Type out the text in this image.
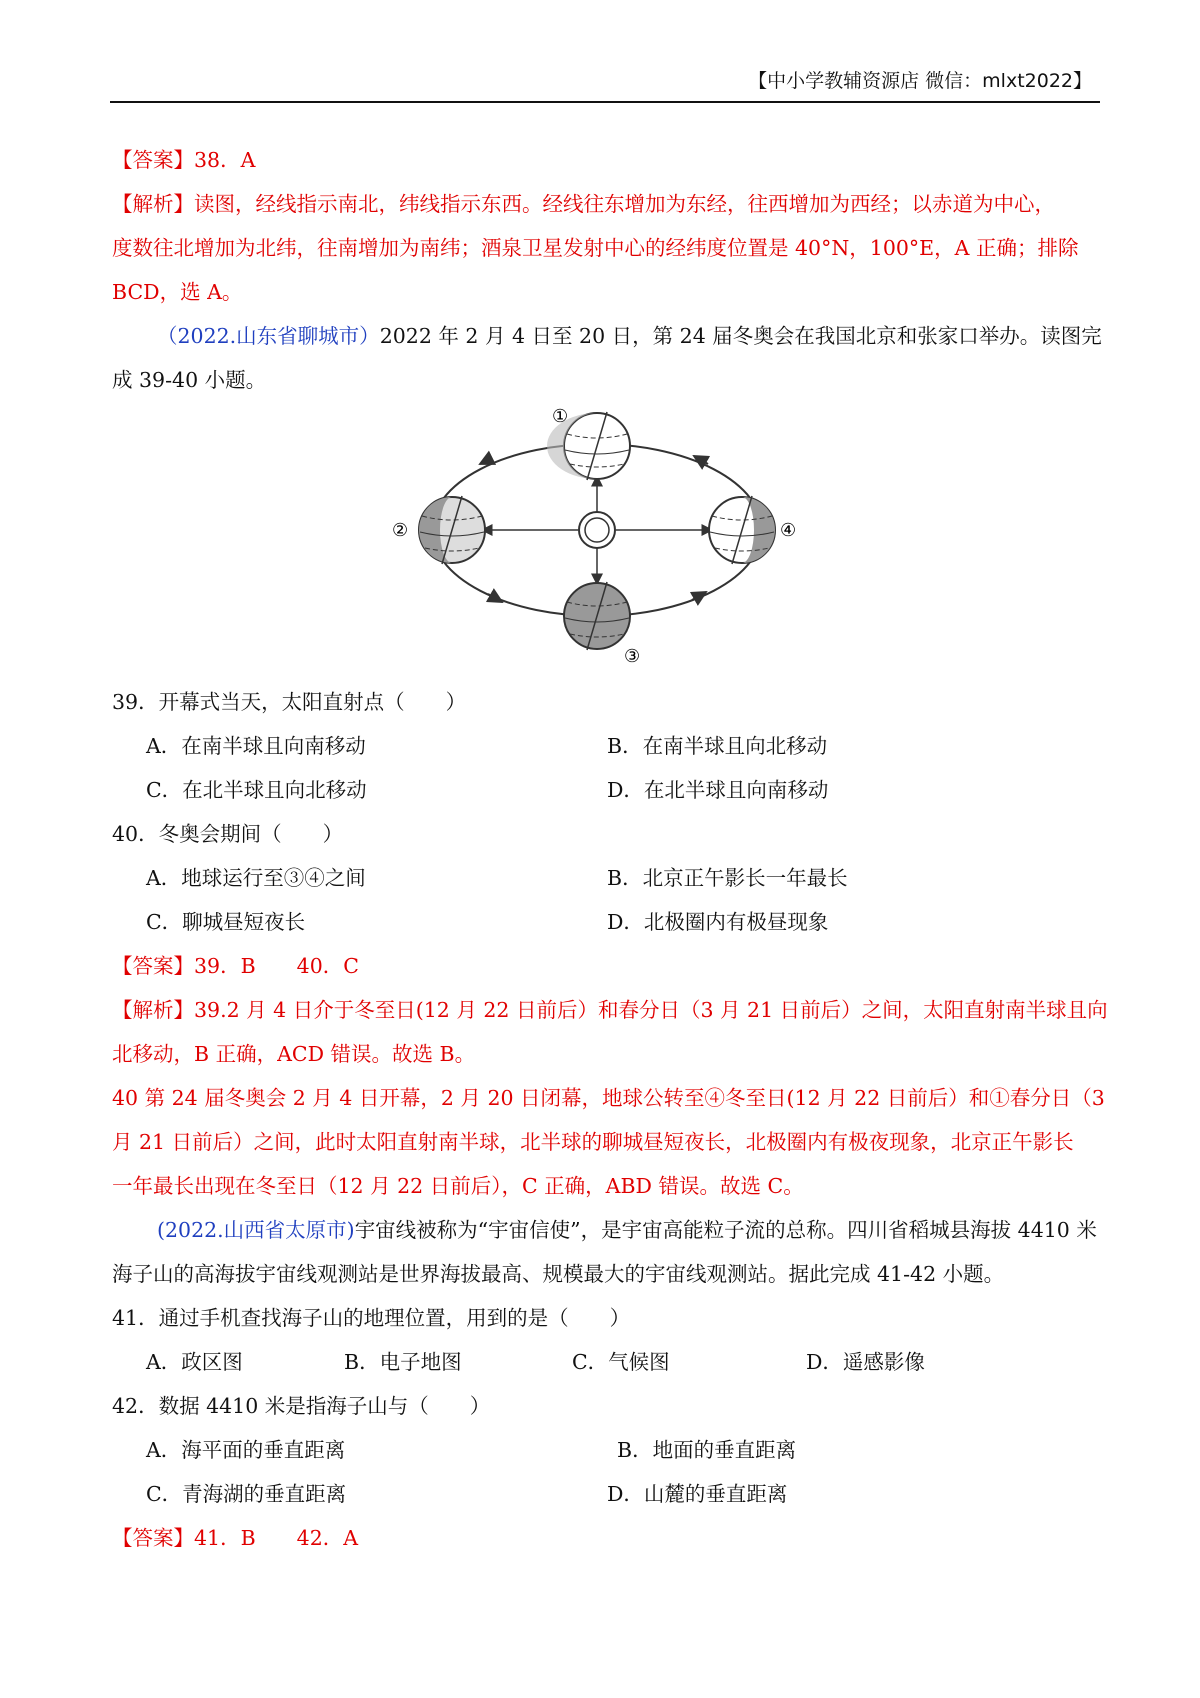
【中小学教辅资源店 微信：mlxt2022】
【答案】38．A
【解析】读图，经线指示南北，纬线指示东西。经线往东增加为东经，往西增加为西经；以赤道为中心，
度数往北增加为北纬，往南增加为南纬；酒泉卫星发射中心的经纬度位置是 40°N，100°E，A 正确；排除
BCD，选 A。
（2022.山东省聊城市）2022 年 2 月 4 日至 20 日，第 24 届冬奥会在我国北京和张家口举办。读图完
成 39-40 小题。
①
②
③
④
39．开幕式当天，太阳直射点（　　）
A．在南半球且向南移动	B．在南半球且向北移动
C．在北半球且向北移动	D．在北半球且向南移动
40．冬奥会期间（　　）
A．地球运行至③④之间	B．北京正午影长一年最长
C．聊城昼短夜长	D．北极圈内有极昼现象
【答案】39．B　　40．C
【解析】39.2 月 4 日介于冬至日(12 月 22 日前后）和春分日（3 月 21 日前后）之间，太阳直射南半球且向
北移动，B 正确，ACD 错误。故选 B。
40 第 24 届冬奥会 2 月 4 日开幕，2 月 20 日闭幕，地球公转至④冬至日(12 月 22 日前后）和①春分日（3
月 21 日前后）之间，此时太阳直射南半球，北半球的聊城昼短夜长，北极圈内有极夜现象，北京正午影长
一年最长出现在冬至日（12 月 22 日前后），C 正确，ABD 错误。故选 C。
(2022.山西省太原市)宇宙线被称为“宇宙信使”，是宇宙高能粒子流的总称。四川省稻城县海拔 4410 米
海子山的高海拔宇宙线观测站是世界海拔最高、规模最大的宇宙线观测站。据此完成 41-42 小题。
41．通过手机查找海子山的地理位置，用到的是（　　）
A．政区图	B．电子地图	C．气候图	D．遥感影像
42．数据 4410 米是指海子山与（　　）
A．海平面的垂直距离	B．地面的垂直距离
C．青海湖的垂直距离	D．山麓的垂直距离
【答案】41．B　　42．A
